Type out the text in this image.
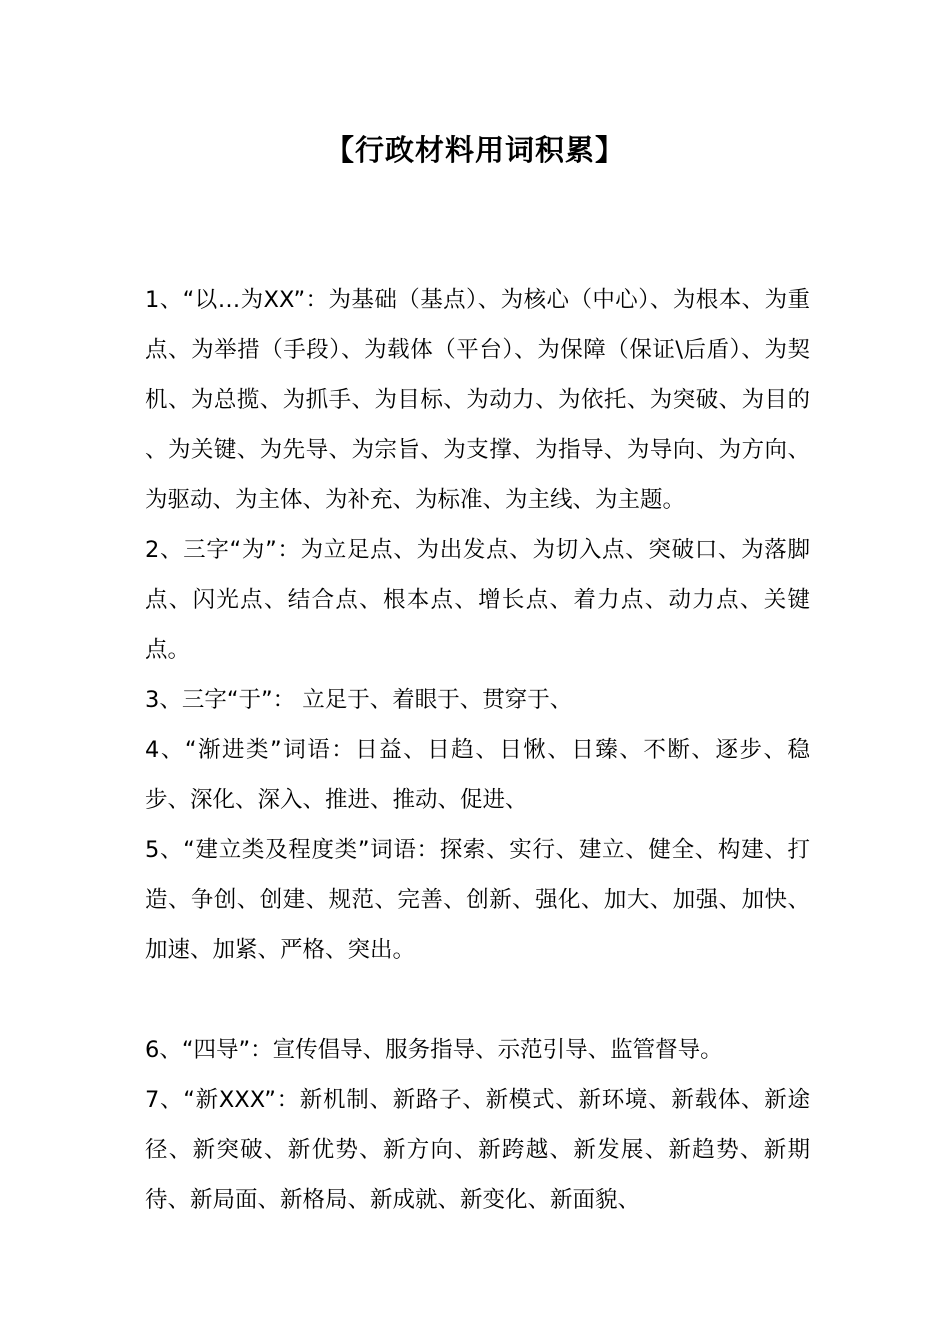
【行政材料用词积累】

1、“以…为XX”：为基础（基点）、为核心（中心）、为根本、为重点、为举措（手段）、为载体（平台）、为保障（保证\后盾）、为契机、为总揽、为抓手、为目标、为动力、为依托、为突破、为目的 、为关键、为先导、为宗旨、为支撑、为指导、为导向、为方向、为驱动、为主体、为补充、为标准、为主线、为主题。

2、三字“为”：为立足点、为出发点、为切入点、突破口、为落脚点、闪光点、结合点、根本点、增长点、着力点、动力点、关键点。

3、三字“于”： 立足于、着眼于、贯穿于、

4、“渐进类”词语：日益、日趋、日愀、日臻、不断、逐步、稳步、深化、深入、推进、推动、促进、

5、“建立类及程度类”词语：探索、实行、建立、健全、构建、打造、争创、创建、规范、完善、创新、强化、加大、加强、加快、加速、加紧、严格、突出。

6、“四导”：宣传倡导、服务指导、示范引导、监管督导。

7、“新XXX”：新机制、新路子、新模式、新环境、新载体、新途径、新突破、新优势、新方向、新跨越、新发展、新趋势、新期待、新局面、新格局、新成就、新变化、新面貌、
